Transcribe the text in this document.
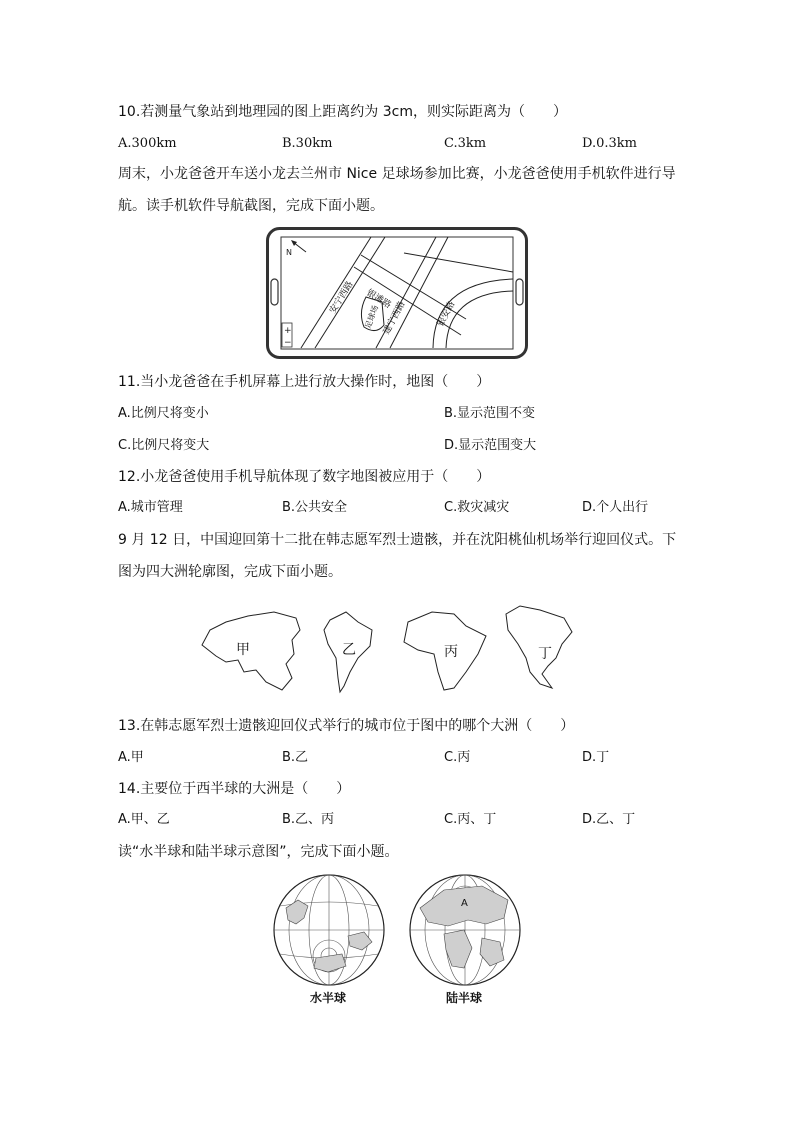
10.若测量气象站到地理园的图上距离约为 3cm，则实际距离为（　　）
A.300km	B.30km	C.3km	D.0.3km
周末，小龙爸爸开车送小龙去兰州市 Nice 足球场参加比赛，小龙爸爸使用手机软件进行导航。读手机软件导航截图，完成下面小题。
N
+
−
安宁西路 银滩路
建宁西路
足球场	银安路
11.当小龙爸爸在手机屏幕上进行放大操作时，地图（　　）
A.比例尺将变小	B.显示范围不变
C.比例尺将变大	D.显示范围变大
12.小龙爸爸使用手机导航体现了数字地图被应用于（　　）
A.城市管理	B.公共安全	C.救灾减灾	D.个人出行
9 月 12 日，中国迎回第十二批在韩志愿军烈士遗骸，并在沈阳桃仙机场举行迎回仪式。下图为四大洲轮廓图，完成下面小题。
甲	乙	丙	丁
13.在韩志愿军烈士遗骸迎回仪式举行的城市位于图中的哪个大洲（　　）
A.甲	B.乙	C.丙	D.丁
14.主要位于西半球的大洲是（　　）
A.甲、乙	B.乙、丙	C.丙、丁	D.乙、丁
读“水半球和陆半球示意图”，完成下面小题。
A
水半球	陆半球
